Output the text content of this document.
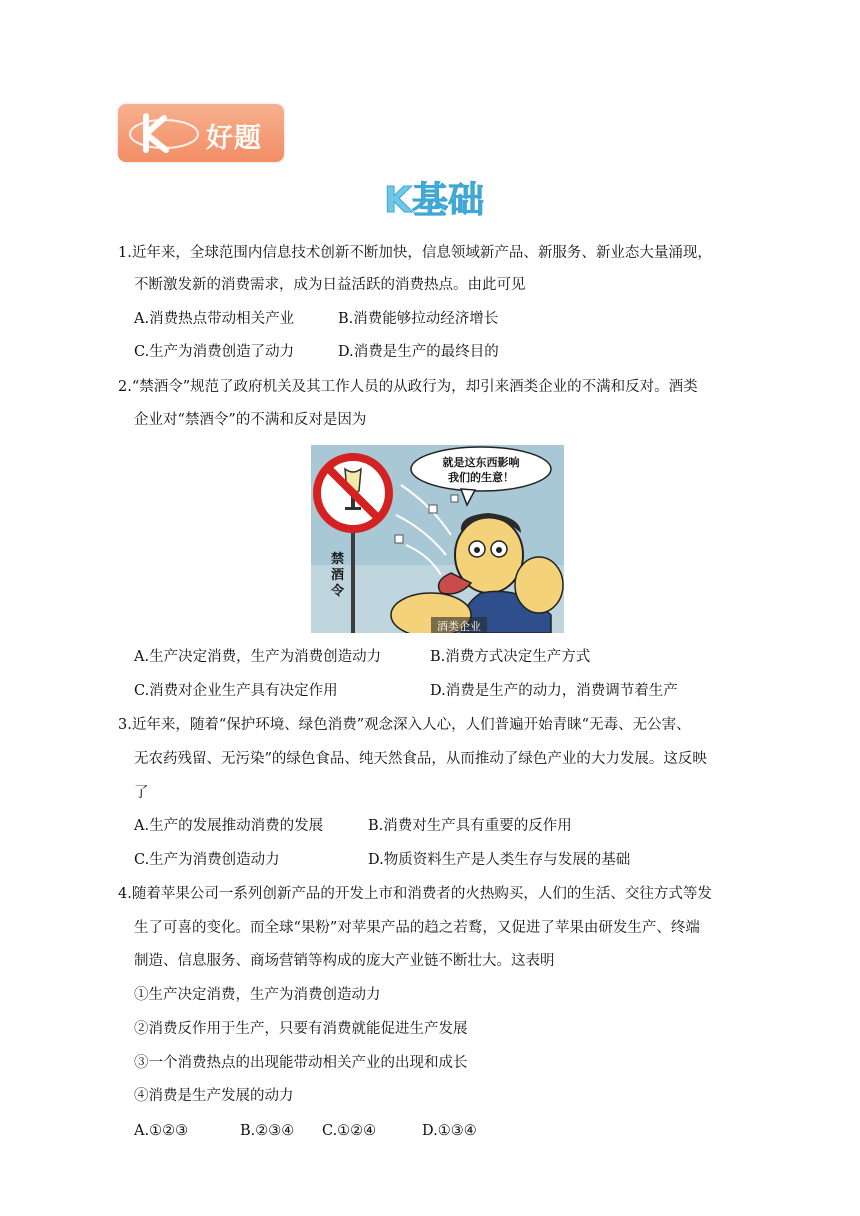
好题
K基础
1.近年来，全球范围内信息技术创新不断加快，信息领域新产品、新服务、新业态大量涌现，
不断激发新的消费需求，成为日益活跃的消费热点。由此可见
A.消费热点带动相关产业	B.消费能够拉动经济增长
C.生产为消费创造了动力	D.消费是生产的最终目的
2.“禁酒令”规范了政府机关及其工作人员的从政行为，却引来酒类企业的不满和反对。酒类
企业对“禁酒令”的不满和反对是因为
禁
酒
令
就是这东西影响
我们的生意！
酒类企业
A.生产决定消费，生产为消费创造动力	B.消费方式决定生产方式
C.消费对企业生产具有决定作用	D.消费是生产的动力，消费调节着生产
3.近年来，随着“保护环境、绿色消费”观念深入人心，人们普遍开始青睐“无毒、无公害、
无农药残留、无污染”的绿色食品、纯天然食品，从而推动了绿色产业的大力发展。这反映
了
A.生产的发展推动消费的发展	B.消费对生产具有重要的反作用
C.生产为消费创造动力	D.物质资料生产是人类生存与发展的基础
4.随着苹果公司一系列创新产品的开发上市和消费者的火热购买，人们的生活、交往方式等发
生了可喜的变化。而全球“果粉”对苹果产品的趋之若鹜，又促进了苹果由研发生产、终端
制造、信息服务、商场营销等构成的庞大产业链不断壮大。这表明
①生产决定消费，生产为消费创造动力
②消费反作用于生产，只要有消费就能促进生产发展
③一个消费热点的出现能带动相关产业的出现和成长
④消费是生产发展的动力
A.①②③	B.②③④ C.①②④	D.①③④
